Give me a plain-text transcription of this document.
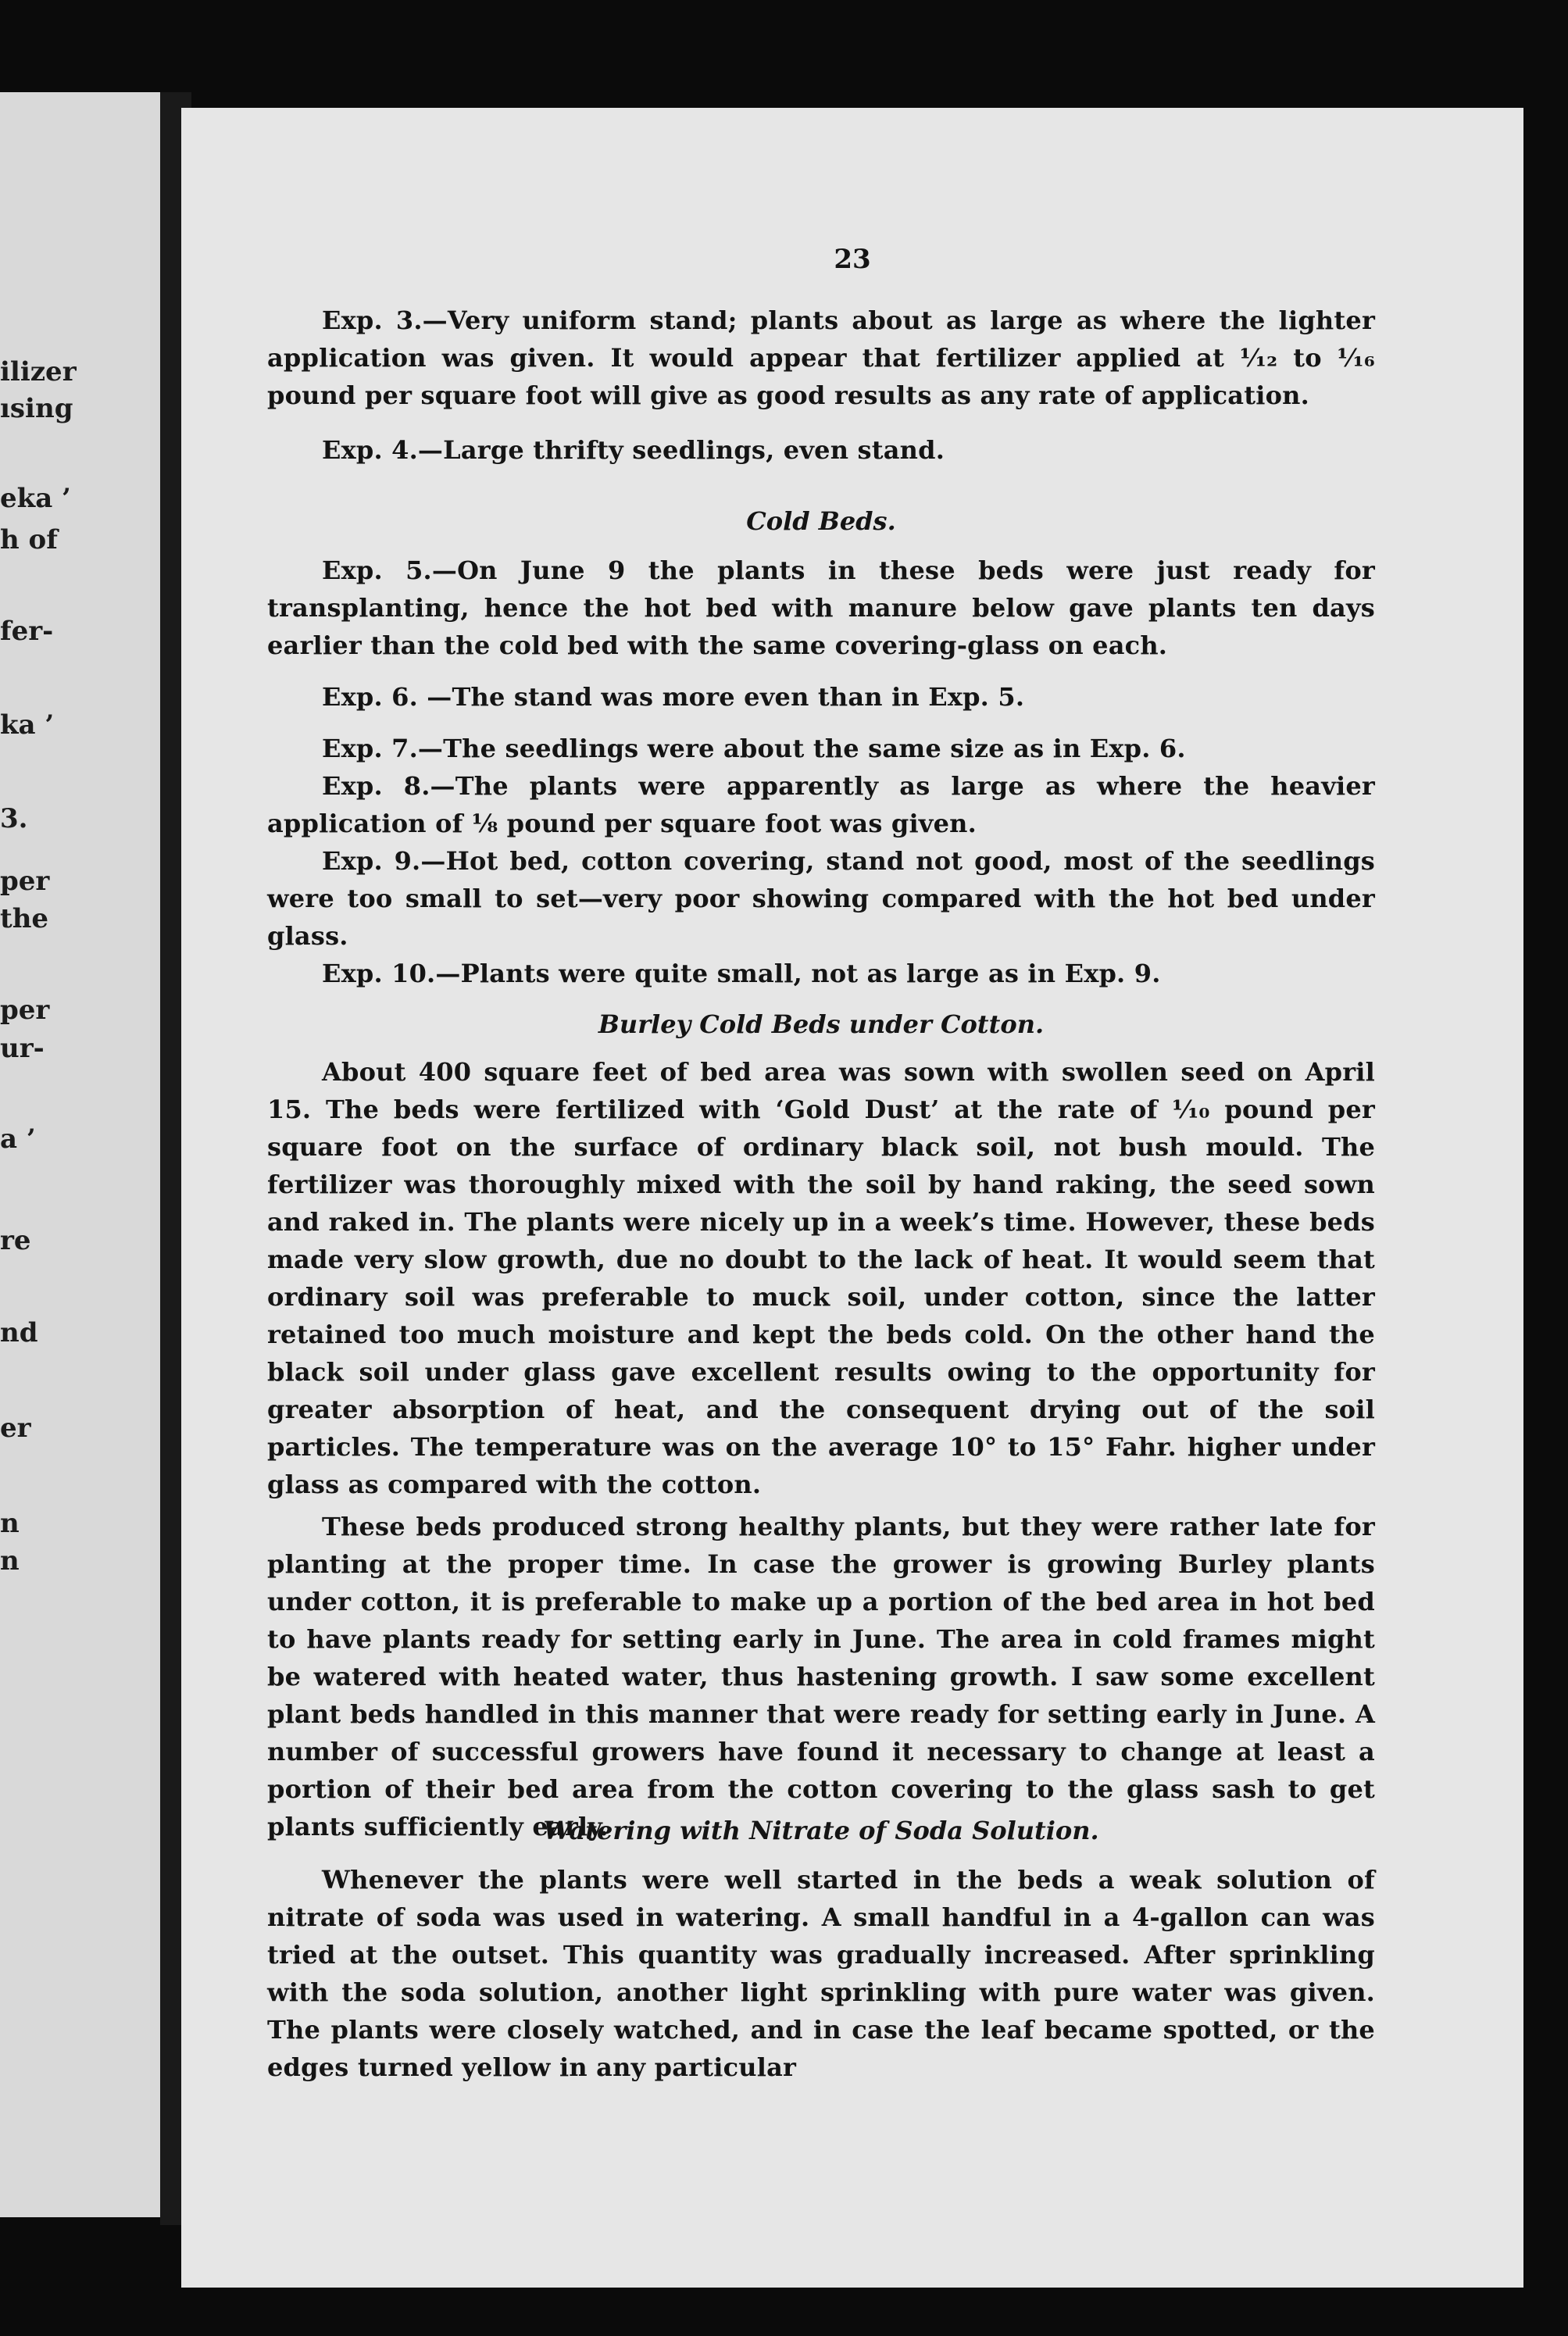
ilizer
ısing
eka ’
h of
fer-
ka ’
3.
per
the
per
ur-
a ’
re
nd
er
n
n
23

Exp. 3.—Very uniform stand; plants about as large as where the lighter application was given. It would appear that fertilizer applied at ⅟₁₂ to ⅟₁₆ pound per square foot will give as good results as any rate of application.

Exp. 4.—Large thrifty seedlings, even stand.

Cold Beds.

Exp. 5.—On June 9 the plants in these beds were just ready for transplanting, hence the hot bed with manure below gave plants ten days earlier than the cold bed with the same covering-glass on each.

Exp. 6. —The stand was more even than in Exp. 5.

Exp. 7.—The seedlings were about the same size as in Exp. 6.

Exp. 8.—The plants were apparently as large as where the heavier application of ⅛ pound per square foot was given.

Exp. 9.—Hot bed, cotton covering, stand not good, most of the seedlings were too small to set—very poor showing compared with the hot bed under glass.

Exp. 10.—Plants were quite small, not as large as in Exp. 9.

Burley Cold Beds under Cotton.

About 400 square feet of bed area was sown with swollen seed on April 15. The beds were fertilized with ‘Gold Dust’ at the rate of ⅟₁₀ pound per square foot on the surface of ordinary black soil, not bush mould. The fertilizer was thoroughly mixed with the soil by hand raking, the seed sown and raked in. The plants were nicely up in a week’s time. However, these beds made very slow growth, due no doubt to the lack of heat. It would seem that ordinary soil was preferable to muck soil, under cotton, since the latter retained too much moisture and kept the beds cold. On the other hand the black soil under glass gave excellent results owing to the opportunity for greater absorption of heat, and the consequent drying out of the soil particles. The temperature was on the average 10° to 15° Fahr. higher under glass as compared with the cotton.

These beds produced strong healthy plants, but they were rather late for planting at the proper time. In case the grower is growing Burley plants under cotton, it is preferable to make up a portion of the bed area in hot bed to have plants ready for setting early in June. The area in cold frames might be watered with heated water, thus hastening growth. I saw some excellent plant beds handled in this manner that were ready for setting early in June. A number of successful growers have found it necessary to change at least a portion of their bed area from the cotton covering to the glass sash to get plants sufficiently early.

Watering with Nitrate of Soda Solution.

Whenever the plants were well started in the beds a weak solution of nitrate of soda was used in watering. A small handful in a 4-gallon can was tried at the outset. This quantity was gradually increased. After sprinkling with the soda solution, another light sprinkling with pure water was given. The plants were closely watched, and in case the leaf became spotted, or the edges turned yellow in any particular
